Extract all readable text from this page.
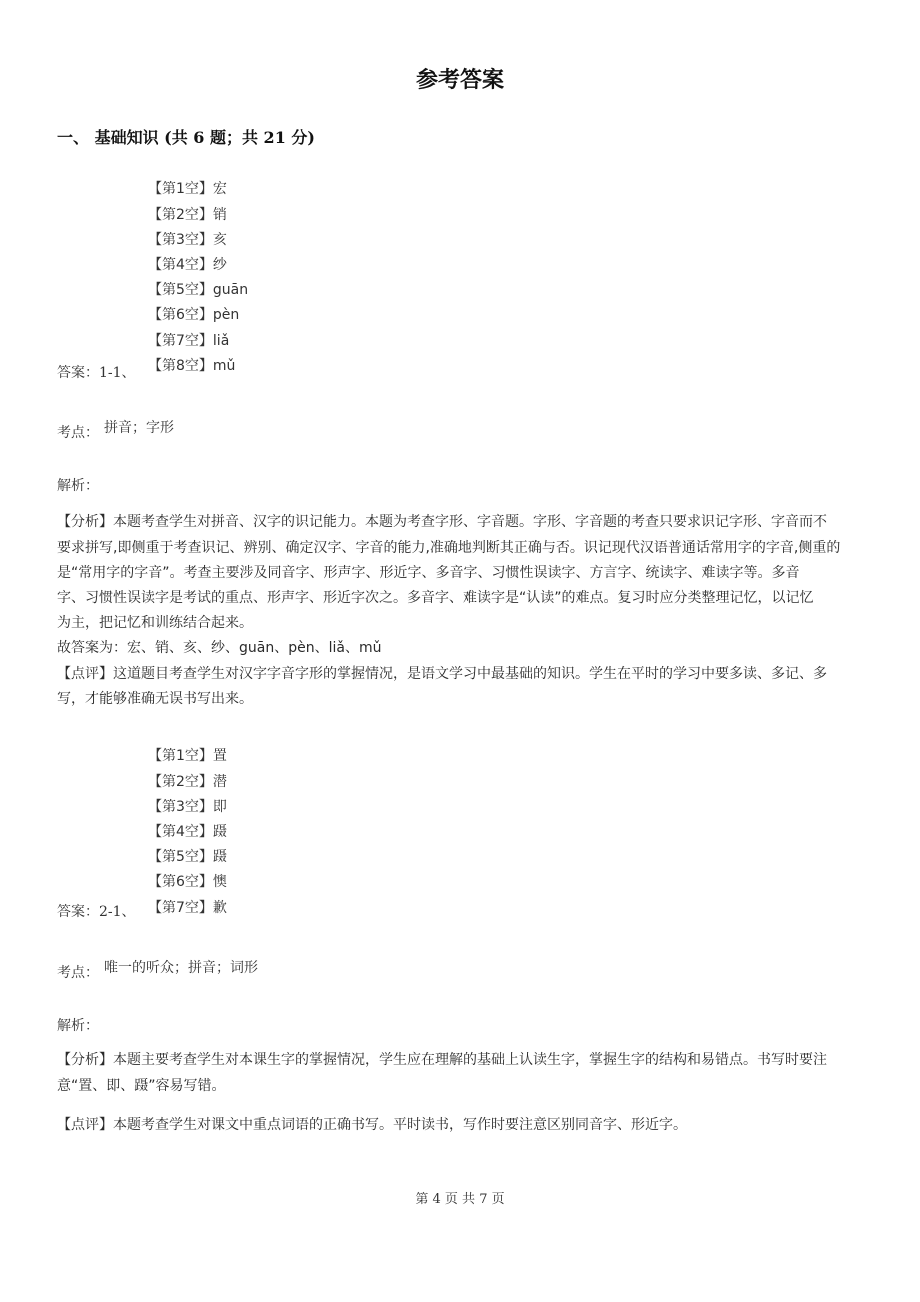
参考答案
一、 基础知识 (共 6 题；共 21 分)
【第1空】宏
【第2空】销
【第3空】亥
【第4空】纱
【第5空】guān
【第6空】pèn
【第7空】liǎ
【第8空】mǔ
答案：1-1、
考点： 拼音；字形
解析：
【分析】本题考查学生对拼音、汉字的识记能力。本题为考查字形、字音题。字形、字音题的考查只要求识记字形、字音而不
要求拼写,即侧重于考查识记、辨别、确定汉字、字音的能力,准确地判断其正确与否。识记现代汉语普通话常用字的字音,侧重的
是“常用字的字音”。考查主要涉及同音字、形声字、形近字、多音字、习惯性误读字、方言字、统读字、难读字等。多音
字、习惯性误读字是考试的重点、形声字、形近字次之。多音字、难读字是“认读”的难点。复习时应分类整理记忆，以记忆
为主，把记忆和训练结合起来。
故答案为：宏、销、亥、纱、guān、pèn、liǎ、mǔ
【点评】这道题目考查学生对汉字字音字形的掌握情况，是语文学习中最基础的知识。学生在平时的学习中要多读、多记、多
写，才能够准确无误书写出来。
【第1空】置
【第2空】潜
【第3空】即
【第4空】蹑
【第5空】蹑
【第6空】懊
【第7空】歉
答案：2-1、
考点： 唯一的听众；拼音；词形
解析：
【分析】本题主要考查学生对本课生字的掌握情况，学生应在理解的基础上认读生字，掌握生字的结构和易错点。书写时要注
意“置、即、蹑”容易写错。
【点评】本题考查学生对课文中重点词语的正确书写。平时读书，写作时要注意区别同音字、形近字。
第 4 页 共 7 页
